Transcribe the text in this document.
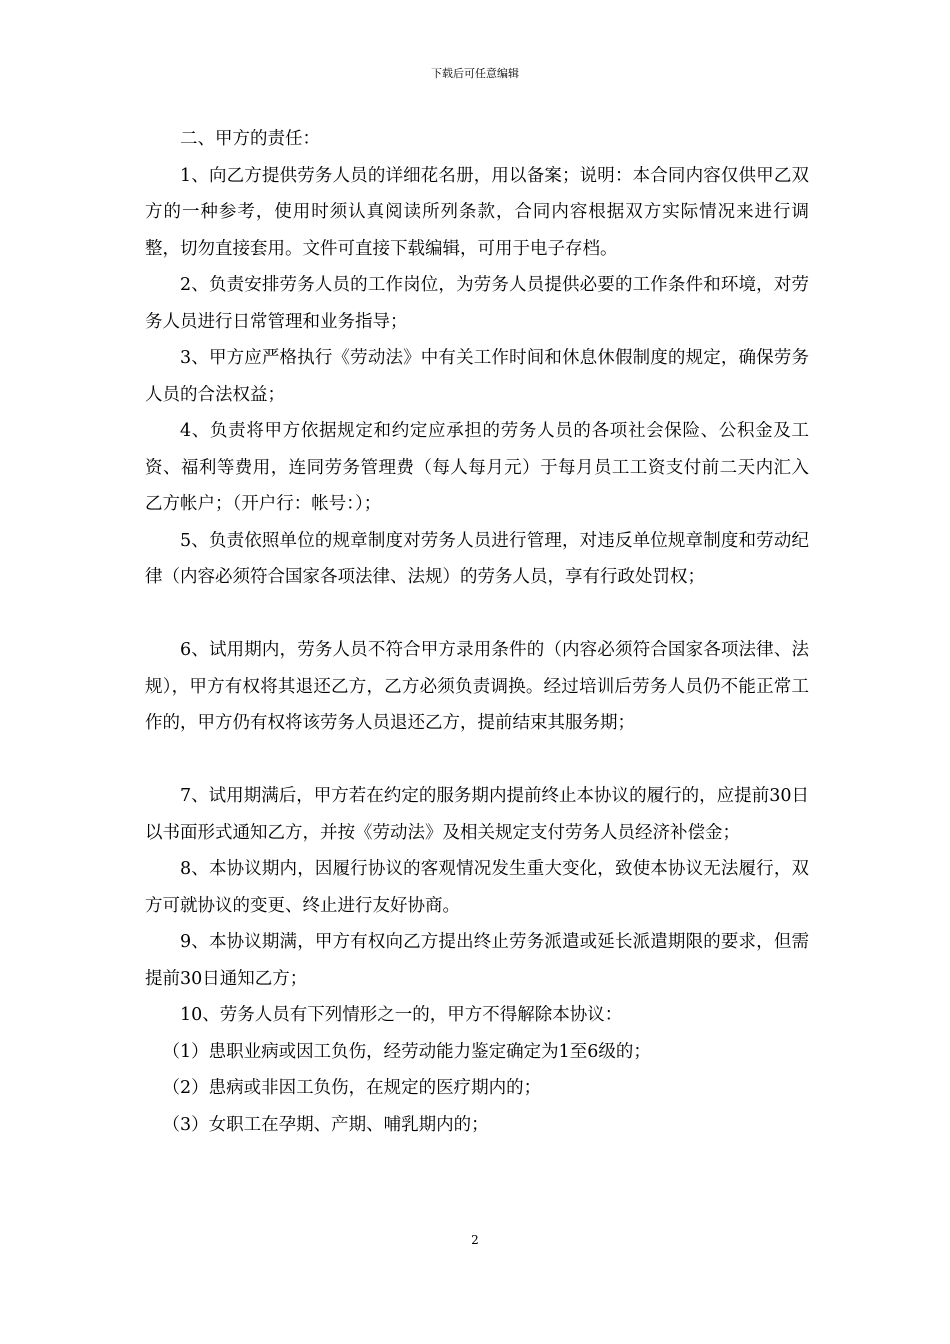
下载后可任意编辑

二、甲方的责任：

1、向乙方提供劳务人员的详细花名册，用以备案；说明：本合同内容仅供甲乙双方的一种参考，使用时须认真阅读所列条款，合同内容根据双方实际情况来进行调整，切勿直接套用。文件可直接下载编辑，可用于电子存档。

2、负责安排劳务人员的工作岗位，为劳务人员提供必要的工作条件和环境，对劳务人员进行日常管理和业务指导；

3、甲方应严格执行《劳动法》中有关工作时间和休息休假制度的规定，确保劳务人员的合法权益；

4、负责将甲方依据规定和约定应承担的劳务人员的各项社会保险、公积金及工资、福利等费用，连同劳务管理费（每人每月元）于每月员工工资支付前二天内汇入乙方帐户；（开户行：帐号：）；

5、负责依照单位的规章制度对劳务人员进行管理，对违反单位规章制度和劳动纪律（内容必须符合国家各项法律、法规）的劳务人员，享有行政处罚权；

6、试用期内，劳务人员不符合甲方录用条件的（内容必须符合国家各项法律、法规），甲方有权将其退还乙方，乙方必须负责调换。经过培训后劳务人员仍不能正常工作的，甲方仍有权将该劳务人员退还乙方，提前结束其服务期；

7、试用期满后，甲方若在约定的服务期内提前终止本协议的履行的，应提前30日以书面形式通知乙方，并按《劳动法》及相关规定支付劳务人员经济补偿金；

8、本协议期内，因履行协议的客观情况发生重大变化，致使本协议无法履行，双方可就协议的变更、终止进行友好协商。

9、本协议期满，甲方有权向乙方提出终止劳务派遣或延长派遣期限的要求，但需提前30日通知乙方；

10、劳务人员有下列情形之一的，甲方不得解除本协议：

（1）患职业病或因工负伤，经劳动能力鉴定确定为1至6级的；

（2）患病或非因工负伤，在规定的医疗期内的；

（3）女职工在孕期、产期、哺乳期内的；

2
